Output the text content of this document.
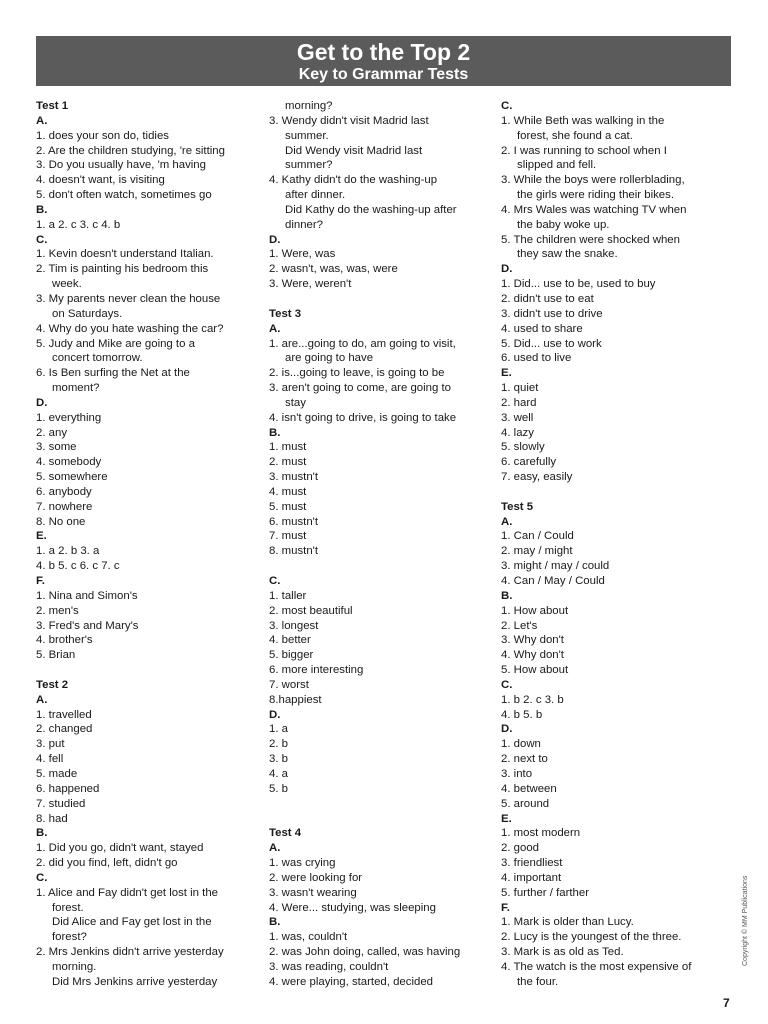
Get to the Top 2
Key to Grammar Tests
Test 1
A.
1. does your son do, tidies
2. Are the children studying, 're sitting
3. Do you usually have, 'm having
4. doesn't want, is visiting
5. don't often watch, sometimes go
B.
1. a 2. c 3. c 4. b
C.
1. Kevin doesn't understand Italian.
2. Tim is painting his bedroom this
week.
3. My parents never clean the house
on Saturdays.
4. Why do you hate washing the car?
5. Judy and Mike are going to a
concert tomorrow.
6. Is Ben surfing the Net at the
moment?
D.
1. everything
2. any
3. some
4. somebody
5. somewhere
6. anybody
7. nowhere
8. No one
E.
1. a 2. b 3. a
4. b 5. c 6. c 7. c
F.
1. Nina and Simon's
2. men's
3. Fred's and Mary's
4. brother's
5. Brian
Test 2
A.
1. travelled
2. changed
3. put
4. fell
5. made
6. happened
7. studied
8. had
B.
1. Did you go, didn't want, stayed
2. did you find, left, didn't go
C.
1. Alice and Fay didn't get lost in the
forest.
Did Alice and Fay get lost in the
forest?
2. Mrs Jenkins didn't arrive yesterday
morning.
Did Mrs Jenkins arrive yesterday
morning?
3. Wendy didn't visit Madrid last
summer.
Did Wendy visit Madrid last
summer?
4. Kathy didn't do the washing-up
after dinner.
Did Kathy do the washing-up after
dinner?
D.
1. Were, was
2. wasn't, was, was, were
3. Were, weren't
Test 3
A.
1. are...going to do, am going to visit,
are going to have
2. is...going to leave, is going to be
3. aren't going to come, are going to
stay
4. isn't going to drive, is going to take
B.
1. must
2. must
3. mustn't
4. must
5. must
6. mustn't
7. must
8. mustn't
C.
1. taller
2. most beautiful
3. longest
4. better
5. bigger
6. more interesting
7. worst
8.happiest
D.
1. a
2. b
3. b
4. a
5. b
Test 4
A.
1. was crying
2. were looking for
3. wasn't wearing
4. Were... studying, was sleeping
B.
1. was, couldn't
2. was John doing, called, was having
3. was reading, couldn't
4. were playing, started, decided
C.
1. While Beth was walking in the
forest, she found a cat.
2. I was running to school when I
slipped and fell.
3. While the boys were rollerblading,
the girls were riding their bikes.
4. Mrs Wales was watching TV when
the baby woke up.
5. The children were shocked when
they saw the snake.
D.
1. Did... use to be, used to buy
2. didn't use to eat
3. didn't use to drive
4. used to share
5. Did... use to work
6. used to live
E.
1. quiet
2. hard
3. well
4. lazy
5. slowly
6. carefully
7. easy, easily
Test 5
A.
1. Can / Could
2. may / might
3. might / may / could
4. Can / May / Could
B.
1. How about
2. Let's
3. Why don't
4. Why don't
5. How about
C.
1. b 2. c 3. b
4. b 5. b
D.
1. down
2. next to
3. into
4. between
5. around
E.
1. most modern
2. good
3. friendliest
4. important
5. further / farther
F.
1. Mark is older than Lucy.
2. Lucy is the youngest of the three.
3. Mark is as old as Ted.
4. The watch is the most expensive of
the four.
Copyright © MM Publications
7
